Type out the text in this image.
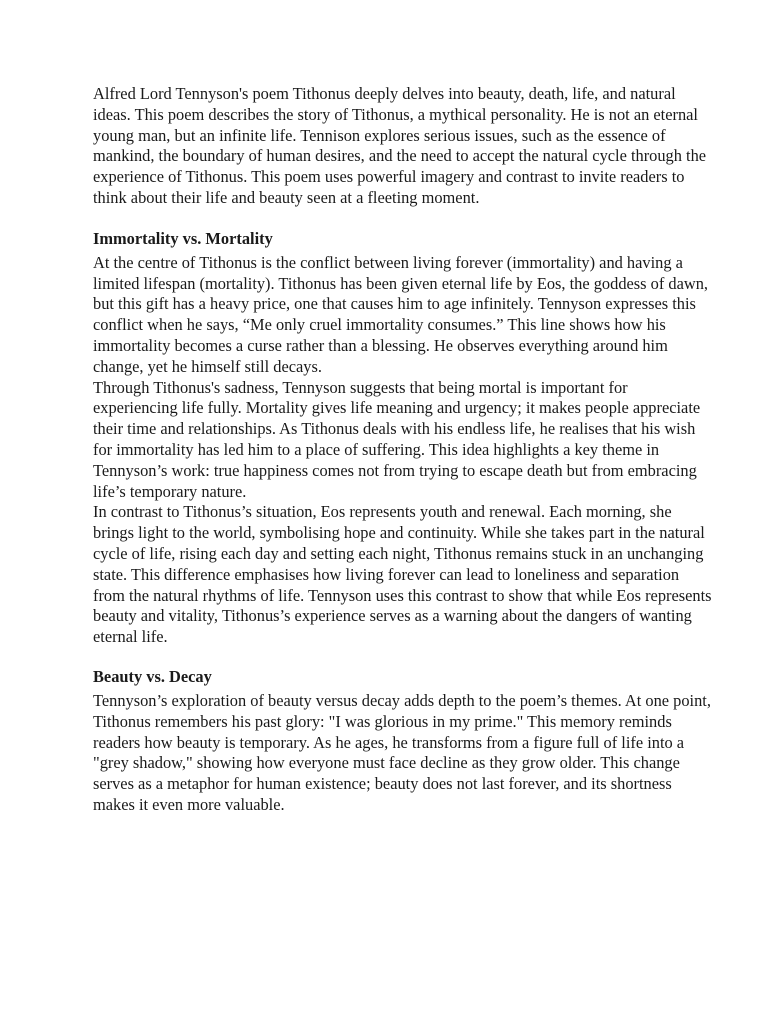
Alfred Lord Tennyson's poem Tithonus deeply delves into beauty, death, life, and natural ideas. This poem describes the story of Tithonus, a mythical personality. He is not an eternal young man, but an infinite life. Tennison explores serious issues, such as the essence of mankind, the boundary of human desires, and the need to accept the natural cycle through the experience of Tithonus. This poem uses powerful imagery and contrast to invite readers to think about their life and beauty seen at a fleeting moment.

Immortality vs. Mortality

At the centre of Tithonus is the conflict between living forever (immortality) and having a limited lifespan (mortality). Tithonus has been given eternal life by Eos, the goddess of dawn, but this gift has a heavy price, one that causes him to age infinitely. Tennyson expresses this conflict when he says, “Me only cruel immortality consumes.” This line shows how his immortality becomes a curse rather than a blessing. He observes everything around him change, yet he himself still decays.

Through Tithonus's sadness, Tennyson suggests that being mortal is important for experiencing life fully. Mortality gives life meaning and urgency; it makes people appreciate their time and relationships. As Tithonus deals with his endless life, he realises that his wish for immortality has led him to a place of suffering. This idea highlights a key theme in Tennyson’s work: true happiness comes not from trying to escape death but from embracing life’s temporary nature.

In contrast to Tithonus’s situation, Eos represents youth and renewal. Each morning, she brings light to the world, symbolising hope and continuity. While she takes part in the natural cycle of life, rising each day and setting each night, Tithonus remains stuck in an unchanging state. This difference emphasises how living forever can lead to loneliness and separation from the natural rhythms of life. Tennyson uses this contrast to show that while Eos represents beauty and vitality, Tithonus’s experience serves as a warning about the dangers of wanting eternal life.

Beauty vs. Decay

Tennyson’s exploration of beauty versus decay adds depth to the poem’s themes. At one point, Tithonus remembers his past glory: "I was glorious in my prime." This memory reminds readers how beauty is temporary. As he ages, he transforms from a figure full of life into a "grey shadow," showing how everyone must face decline as they grow older. This change serves as a metaphor for human existence; beauty does not last forever, and its shortness makes it even more valuable.
